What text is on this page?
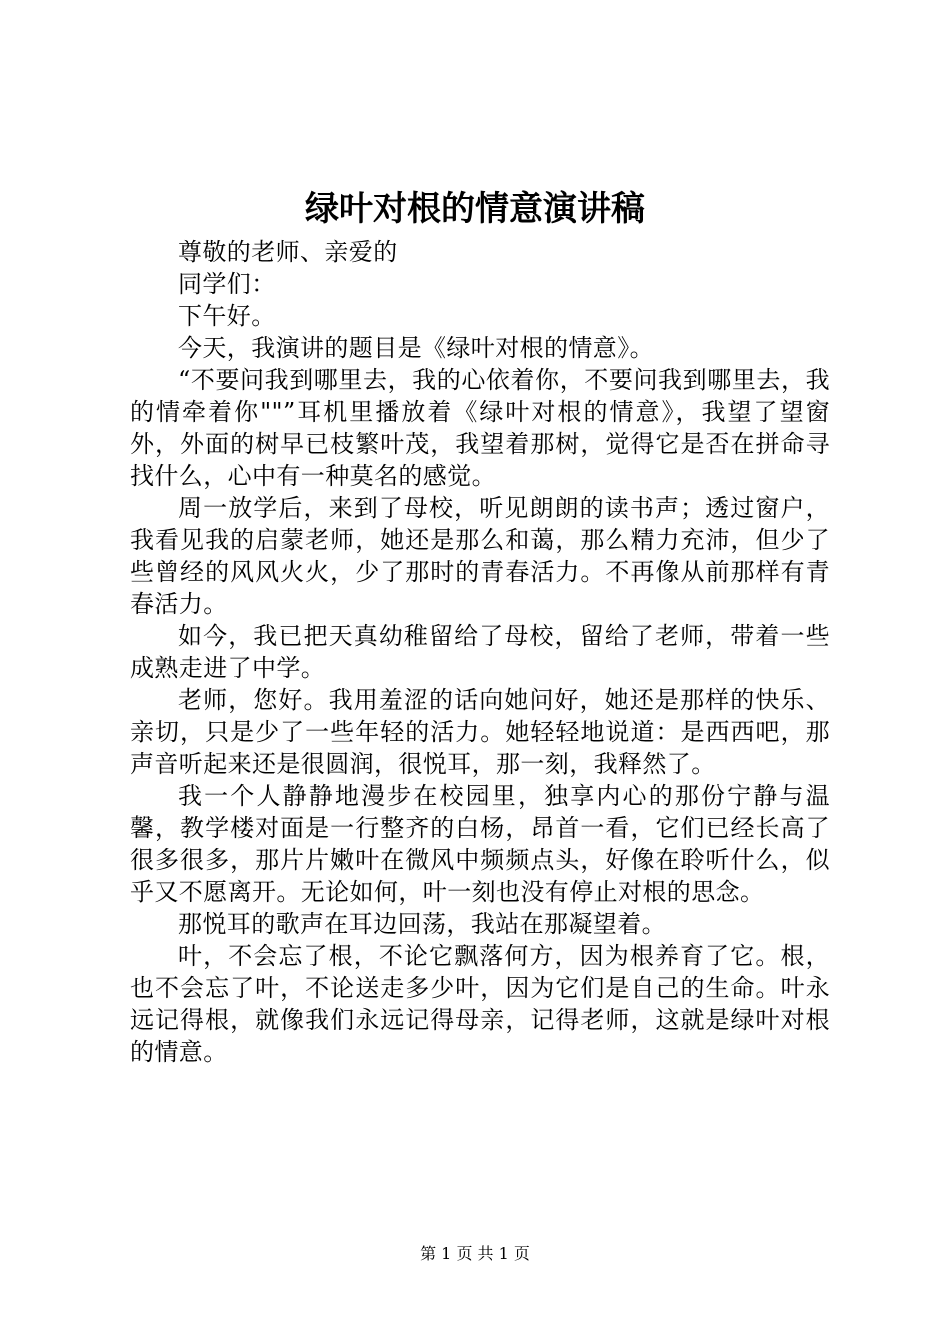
绿叶对根的情意演讲稿

尊敬的老师、亲爱的

同学们：

下午好。

今天，我演讲的题目是《绿叶对根的情意》。

“不要问我到哪里去，我的心依着你，不要问我到哪里去，我的情牵着你""”耳机里播放着《绿叶对根的情意》，我望了望窗外，外面的树早已枝繁叶茂，我望着那树，觉得它是否在拼命寻找什么，心中有一种莫名的感觉。

周一放学后，来到了母校，听见朗朗的读书声；透过窗户，我看见我的启蒙老师，她还是那么和蔼，那么精力充沛，但少了些曾经的风风火火，少了那时的青春活力。不再像从前那样有青春活力。

如今，我已把天真幼稚留给了母校，留给了老师，带着一些成熟走进了中学。

老师，您好。我用羞涩的话向她问好，她还是那样的快乐、亲切，只是少了一些年轻的活力。她轻轻地说道：是西西吧，那声音听起来还是很圆润，很悦耳，那一刻，我释然了。

我一个人静静地漫步在校园里，独享内心的那份宁静与温馨，教学楼对面是一行整齐的白杨，昂首一看，它们已经长高了很多很多，那片片嫩叶在微风中频频点头，好像在聆听什么，似乎又不愿离开。无论如何，叶一刻也没有停止对根的思念。

那悦耳的歌声在耳边回荡，我站在那凝望着。

叶，不会忘了根，不论它飘落何方，因为根养育了它。根，也不会忘了叶，不论送走多少叶，因为它们是自己的生命。叶永远记得根，就像我们永远记得母亲，记得老师，这就是绿叶对根的情意。

第 1 页 共 1 页
